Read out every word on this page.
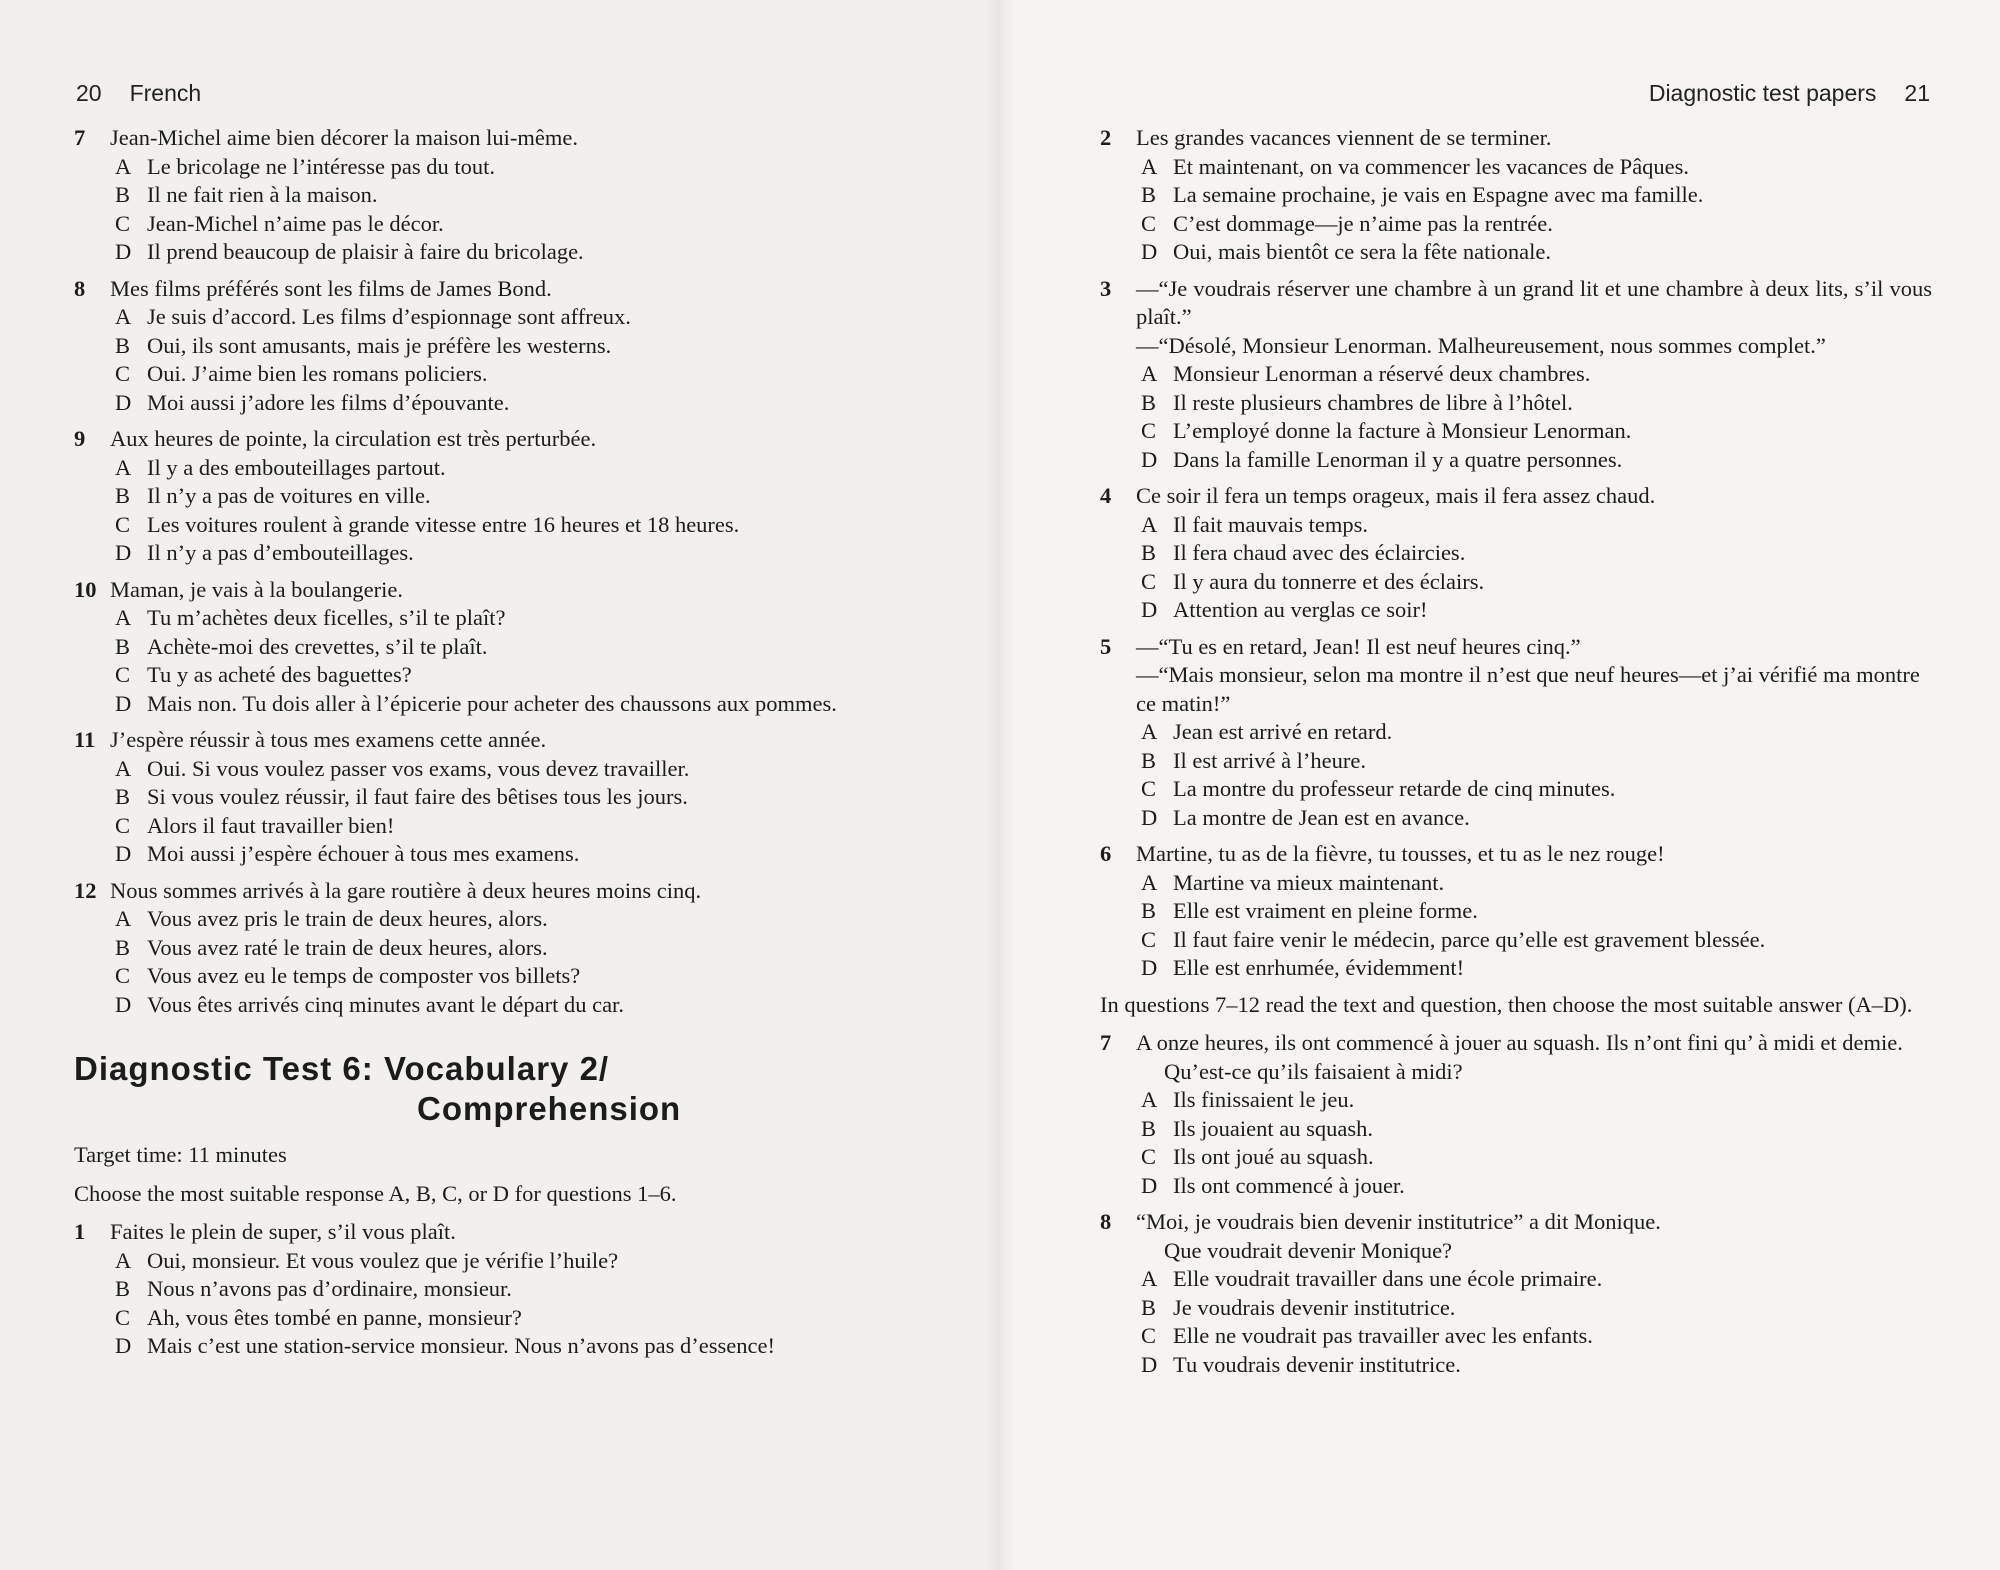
20 French
7	Jean-Michel aime bien décorer la maison lui-même.
A Le bricolage ne l’intéresse pas du tout.
B Il ne fait rien à la maison.
C Jean-Michel n’aime pas le décor.
D Il prend beaucoup de plaisir à faire du bricolage.
8	Mes films préférés sont les films de James Bond.
A Je suis d’accord. Les films d’espionnage sont affreux.
B Oui, ils sont amusants, mais je préfère les westerns.
C Oui. J’aime bien les romans policiers.
D Moi aussi j’adore les films d’épouvante.
9	Aux heures de pointe, la circulation est très perturbée.
A Il y a des embouteillages partout.
B Il n’y a pas de voitures en ville.
C Les voitures roulent à grande vitesse entre 16 heures et 18 heures.
D Il n’y a pas d’embouteillages.
10 Maman, je vais à la boulangerie.
A Tu m’achètes deux ficelles, s’il te plaît?
B Achète-moi des crevettes, s’il te plaît.
C Tu y as acheté des baguettes?
D Mais non. Tu dois aller à l’épicerie pour acheter des chaussons aux pommes.
11 J’espère réussir à tous mes examens cette année.
A Oui. Si vous voulez passer vos exams, vous devez travailler.
B Si vous voulez réussir, il faut faire des bêtises tous les jours.
C Alors il faut travailler bien!
D Moi aussi j’espère échouer à tous mes examens.
12 Nous sommes arrivés à la gare routière à deux heures moins cinq.
A Vous avez pris le train de deux heures, alors.
B Vous avez raté le train de deux heures, alors.
C Vous avez eu le temps de composter vos billets?
D Vous êtes arrivés cinq minutes avant le départ du car.
Diagnostic Test 6: Vocabulary 2/
Comprehension
Target time: 11 minutes
Choose the most suitable response A, B, C, or D for questions 1–6.
1	Faites le plein de super, s’il vous plaît.
A Oui, monsieur. Et vous voulez que je vérifie l’huile?
B Nous n’avons pas d’ordinaire, monsieur.
C Ah, vous êtes tombé en panne, monsieur?
D Mais c’est une station-service monsieur. Nous n’avons pas d’essence!
Diagnostic test papers 21
2	Les grandes vacances viennent de se terminer.
A Et maintenant, on va commencer les vacances de Pâques.
B La semaine prochaine, je vais en Espagne avec ma famille.
C C’est dommage—je n’aime pas la rentrée.
D Oui, mais bientôt ce sera la fête nationale.
3	—“Je voudrais réserver une chambre à un grand lit et une chambre à deux lits, s’il vous plaît.”
—“Désolé, Monsieur Lenorman. Malheureusement, nous sommes complet.”
A Monsieur Lenorman a réservé deux chambres.
B Il reste plusieurs chambres de libre à l’hôtel.
C L’employé donne la facture à Monsieur Lenorman.
D Dans la famille Lenorman il y a quatre personnes.
4	Ce soir il fera un temps orageux, mais il fera assez chaud.
A Il fait mauvais temps.
B Il fera chaud avec des éclaircies.
C Il y aura du tonnerre et des éclairs.
D Attention au verglas ce soir!
5	—“Tu es en retard, Jean! Il est neuf heures cinq.”
—“Mais monsieur, selon ma montre il n’est que neuf heures—et j’ai vérifié ma montre ce matin!”
A Jean est arrivé en retard.
B Il est arrivé à l’heure.
C La montre du professeur retarde de cinq minutes.
D La montre de Jean est en avance.
6	Martine, tu as de la fièvre, tu tousses, et tu as le nez rouge!
A Martine va mieux maintenant.
B Elle est vraiment en pleine forme.
C Il faut faire venir le médecin, parce qu’elle est gravement blessée.
D Elle est enrhumée, évidemment!
In questions 7–12 read the text and question, then choose the most suitable answer (A–D).
7	A onze heures, ils ont commencé à jouer au squash. Ils n’ont fini qu’ à midi et demie.
Qu’est-ce qu’ils faisaient à midi?
A Ils finissaient le jeu.
B Ils jouaient au squash.
C Ils ont joué au squash.
D Ils ont commencé à jouer.
8	“Moi, je voudrais bien devenir institutrice” a dit Monique.
Que voudrait devenir Monique?
A Elle voudrait travailler dans une école primaire.
B Je voudrais devenir institutrice.
C Elle ne voudrait pas travailler avec les enfants.
D Tu voudrais devenir institutrice.
